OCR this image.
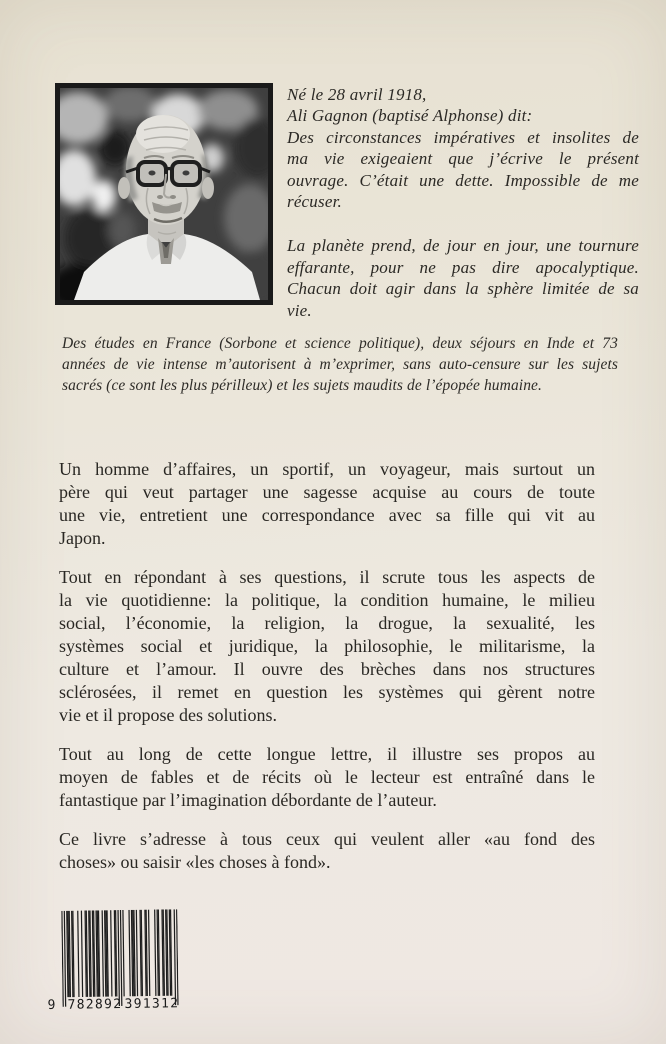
Né le 28 avril 1918,
Ali Gagnon (baptisé Alphonse) dit:
Des circonstances impératives et insolites de
ma vie exigeaient que j’écrive le présent
ouvrage. C’était une dette. Impossible de me
récuser.
La planète prend, de jour en jour, une tournure
effarante, pour ne pas dire apocalyptique.
Chacun doit agir dans la sphère limitée de sa
vie.
Des études en France (Sorbone et science politique), deux séjours en Inde et 73
années de vie intense m’autorisent à m’exprimer, sans auto-censure sur les sujets
sacrés (ce sont les plus périlleux) et les sujets maudits de l’épopée humaine.
Un homme d’affaires, un sportif, un voyageur, mais surtout un
père qui veut partager une sagesse acquise au cours de toute
une vie, entretient une correspondance avec sa fille qui vit au
Japon.
Tout en répondant à ses questions, il scrute tous les aspects de
la vie quotidienne: la politique, la condition humaine, le milieu
social, l’économie, la religion, la drogue, la sexualité, les
systèmes social et juridique, la philosophie, le militarisme, la
culture et l’amour. Il ouvre des brèches dans nos structures
sclérosées, il remet en question les systèmes qui gèrent notre
vie et il propose des solutions.
Tout au long de cette longue lettre, il illustre ses propos au
moyen de fables et de récits où le lecteur est entraîné dans le
fantastique par l’imagination débordante de l’auteur.
Ce livre s’adresse à tous ceux qui veulent aller «au fond des
choses» ou saisir «les choses à fond».
9 782892 391312
